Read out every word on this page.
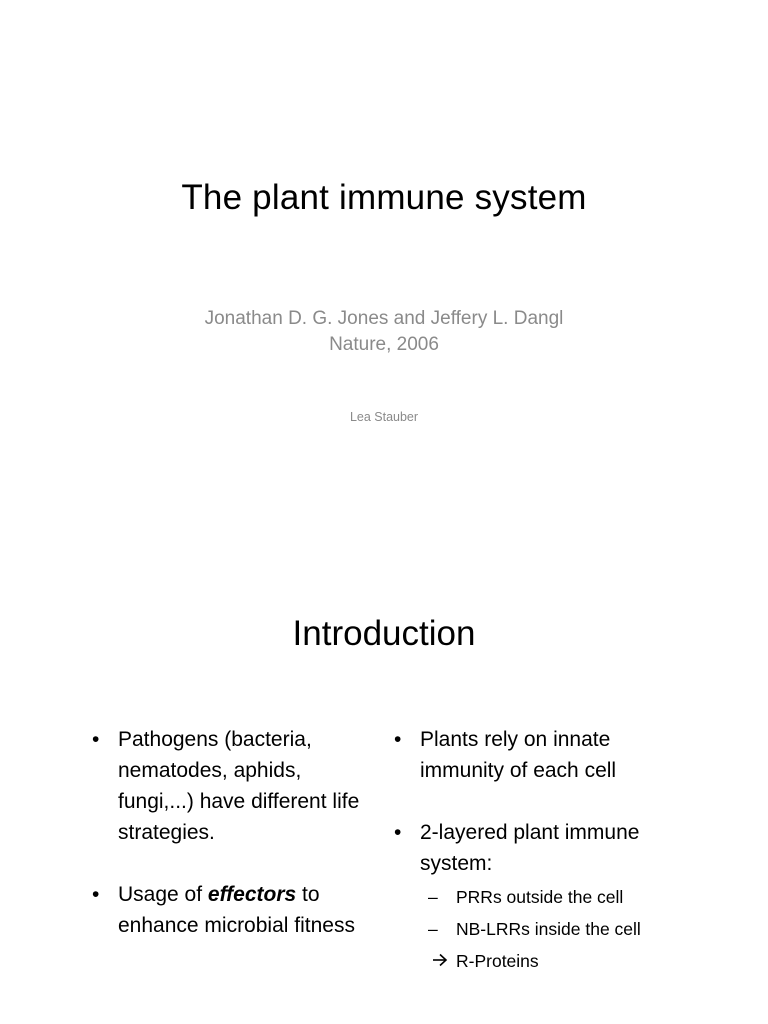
The plant immune system
Jonathan D. G. Jones and Jeffery L. Dangl
Nature, 2006
Lea Stauber
Introduction
• Pathogens (bacteria, nematodes, aphids, fungi,...) have different life strategies.
• Usage of effectors to enhance microbial fitness
• Plants rely on innate immunity of each cell
• 2-layered plant immune system:
– PRRs outside the cell
– NB-LRRs inside the cell
R-Proteins
